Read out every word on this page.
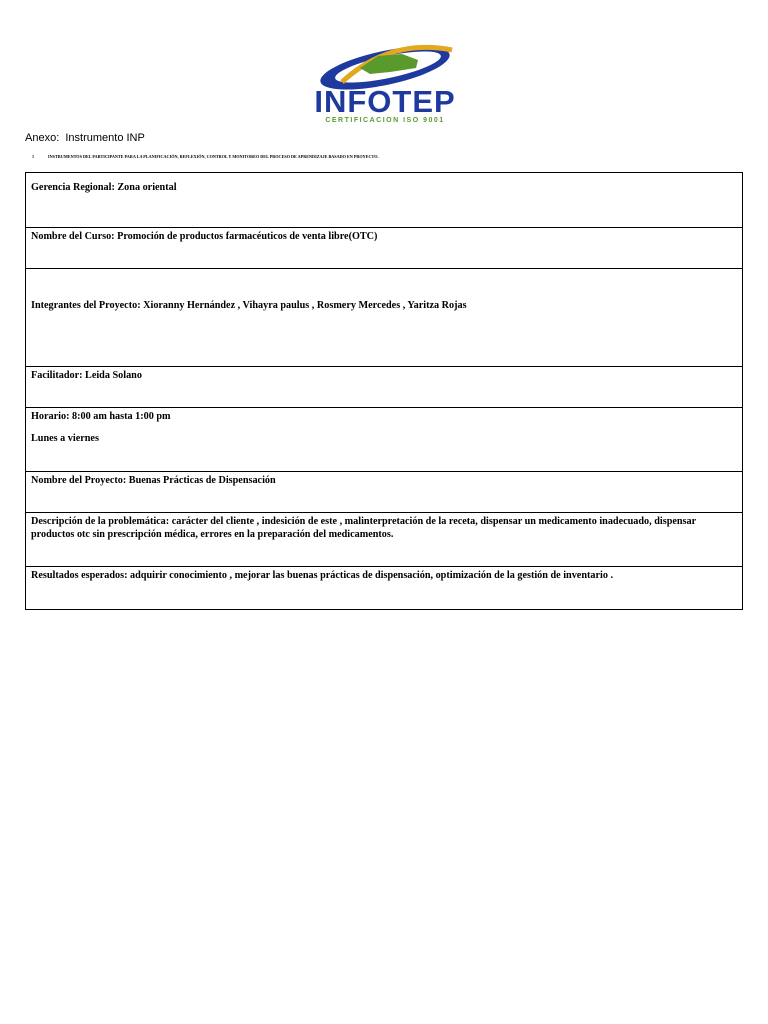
INFOTEP
CERTIFICACION ISO 9001
Anexo:  Instrumento INP
1	INSTRUMENTOS DEL PARTICIPANTE PARA LA PLANIFICACIÓN, REFLEXIÓN, CONTROL Y MONITOREO DEL PROCESO DE APRENDIZAJE BASADO EN PROYECTO.

Gerencia Regional: Zona oriental

Nombre del Curso: Promoción de productos farmacéuticos de venta libre(OTC)

Integrantes del Proyecto: Xioranny Hernández , Vihayra paulus , Rosmery Mercedes , Yaritza Rojas

Facilitador: Leida Solano

Horario: 8:00 am hasta 1:00 pm

Lunes a viernes

Nombre del Proyecto: Buenas Prácticas de Dispensación

Descripción de la problemática: carácter del cliente , indesición de este , malinterpretación de la receta, dispensar un medicamento inadecuado, dispensar productos otc sin prescripción médica, errores en la preparación del medicamentos.

Resultados esperados: adquirir conocimiento , mejorar las buenas prácticas de dispensación, optimización de la gestión de inventario .
